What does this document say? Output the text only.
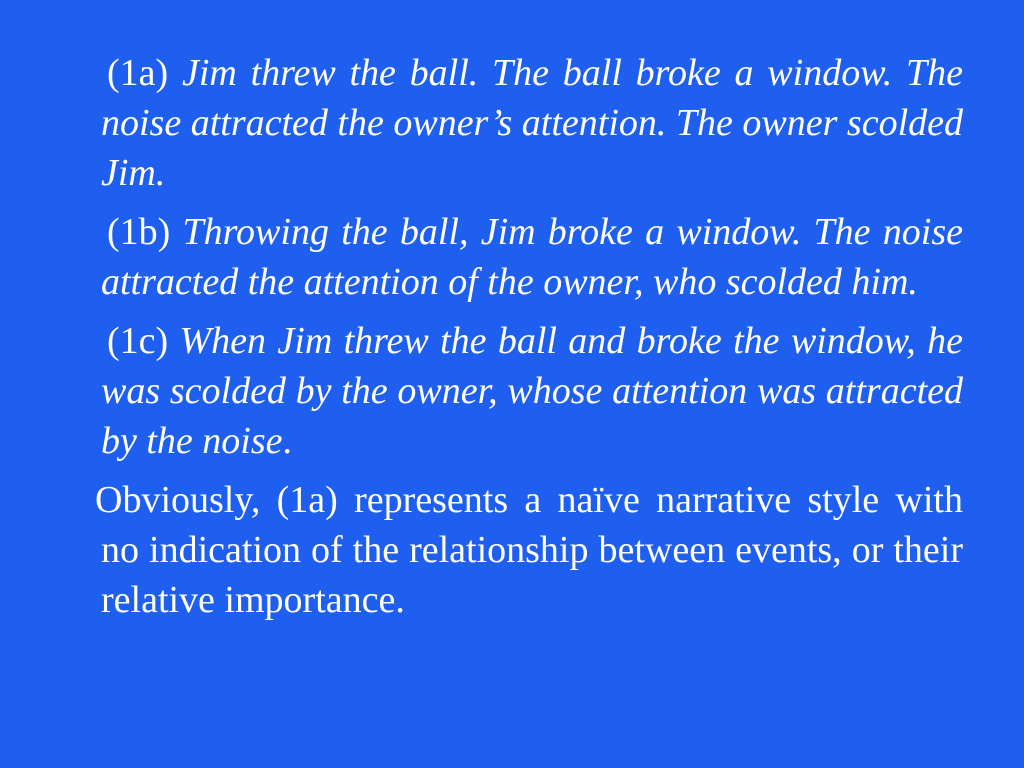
(1a) Jim threw the ball. The ball broke a window. The noise attracted the owner’s attention. The owner scolded Jim.

(1b) Throwing the ball, Jim broke a window. The noise attracted the attention of the owner, who scolded him.

(1c) When Jim threw the ball and broke the window, he was scolded by the owner, whose attention was attracted by the noise.

Obviously, (1a) represents a naïve narrative style with no indication of the relationship between events, or their relative importance.
